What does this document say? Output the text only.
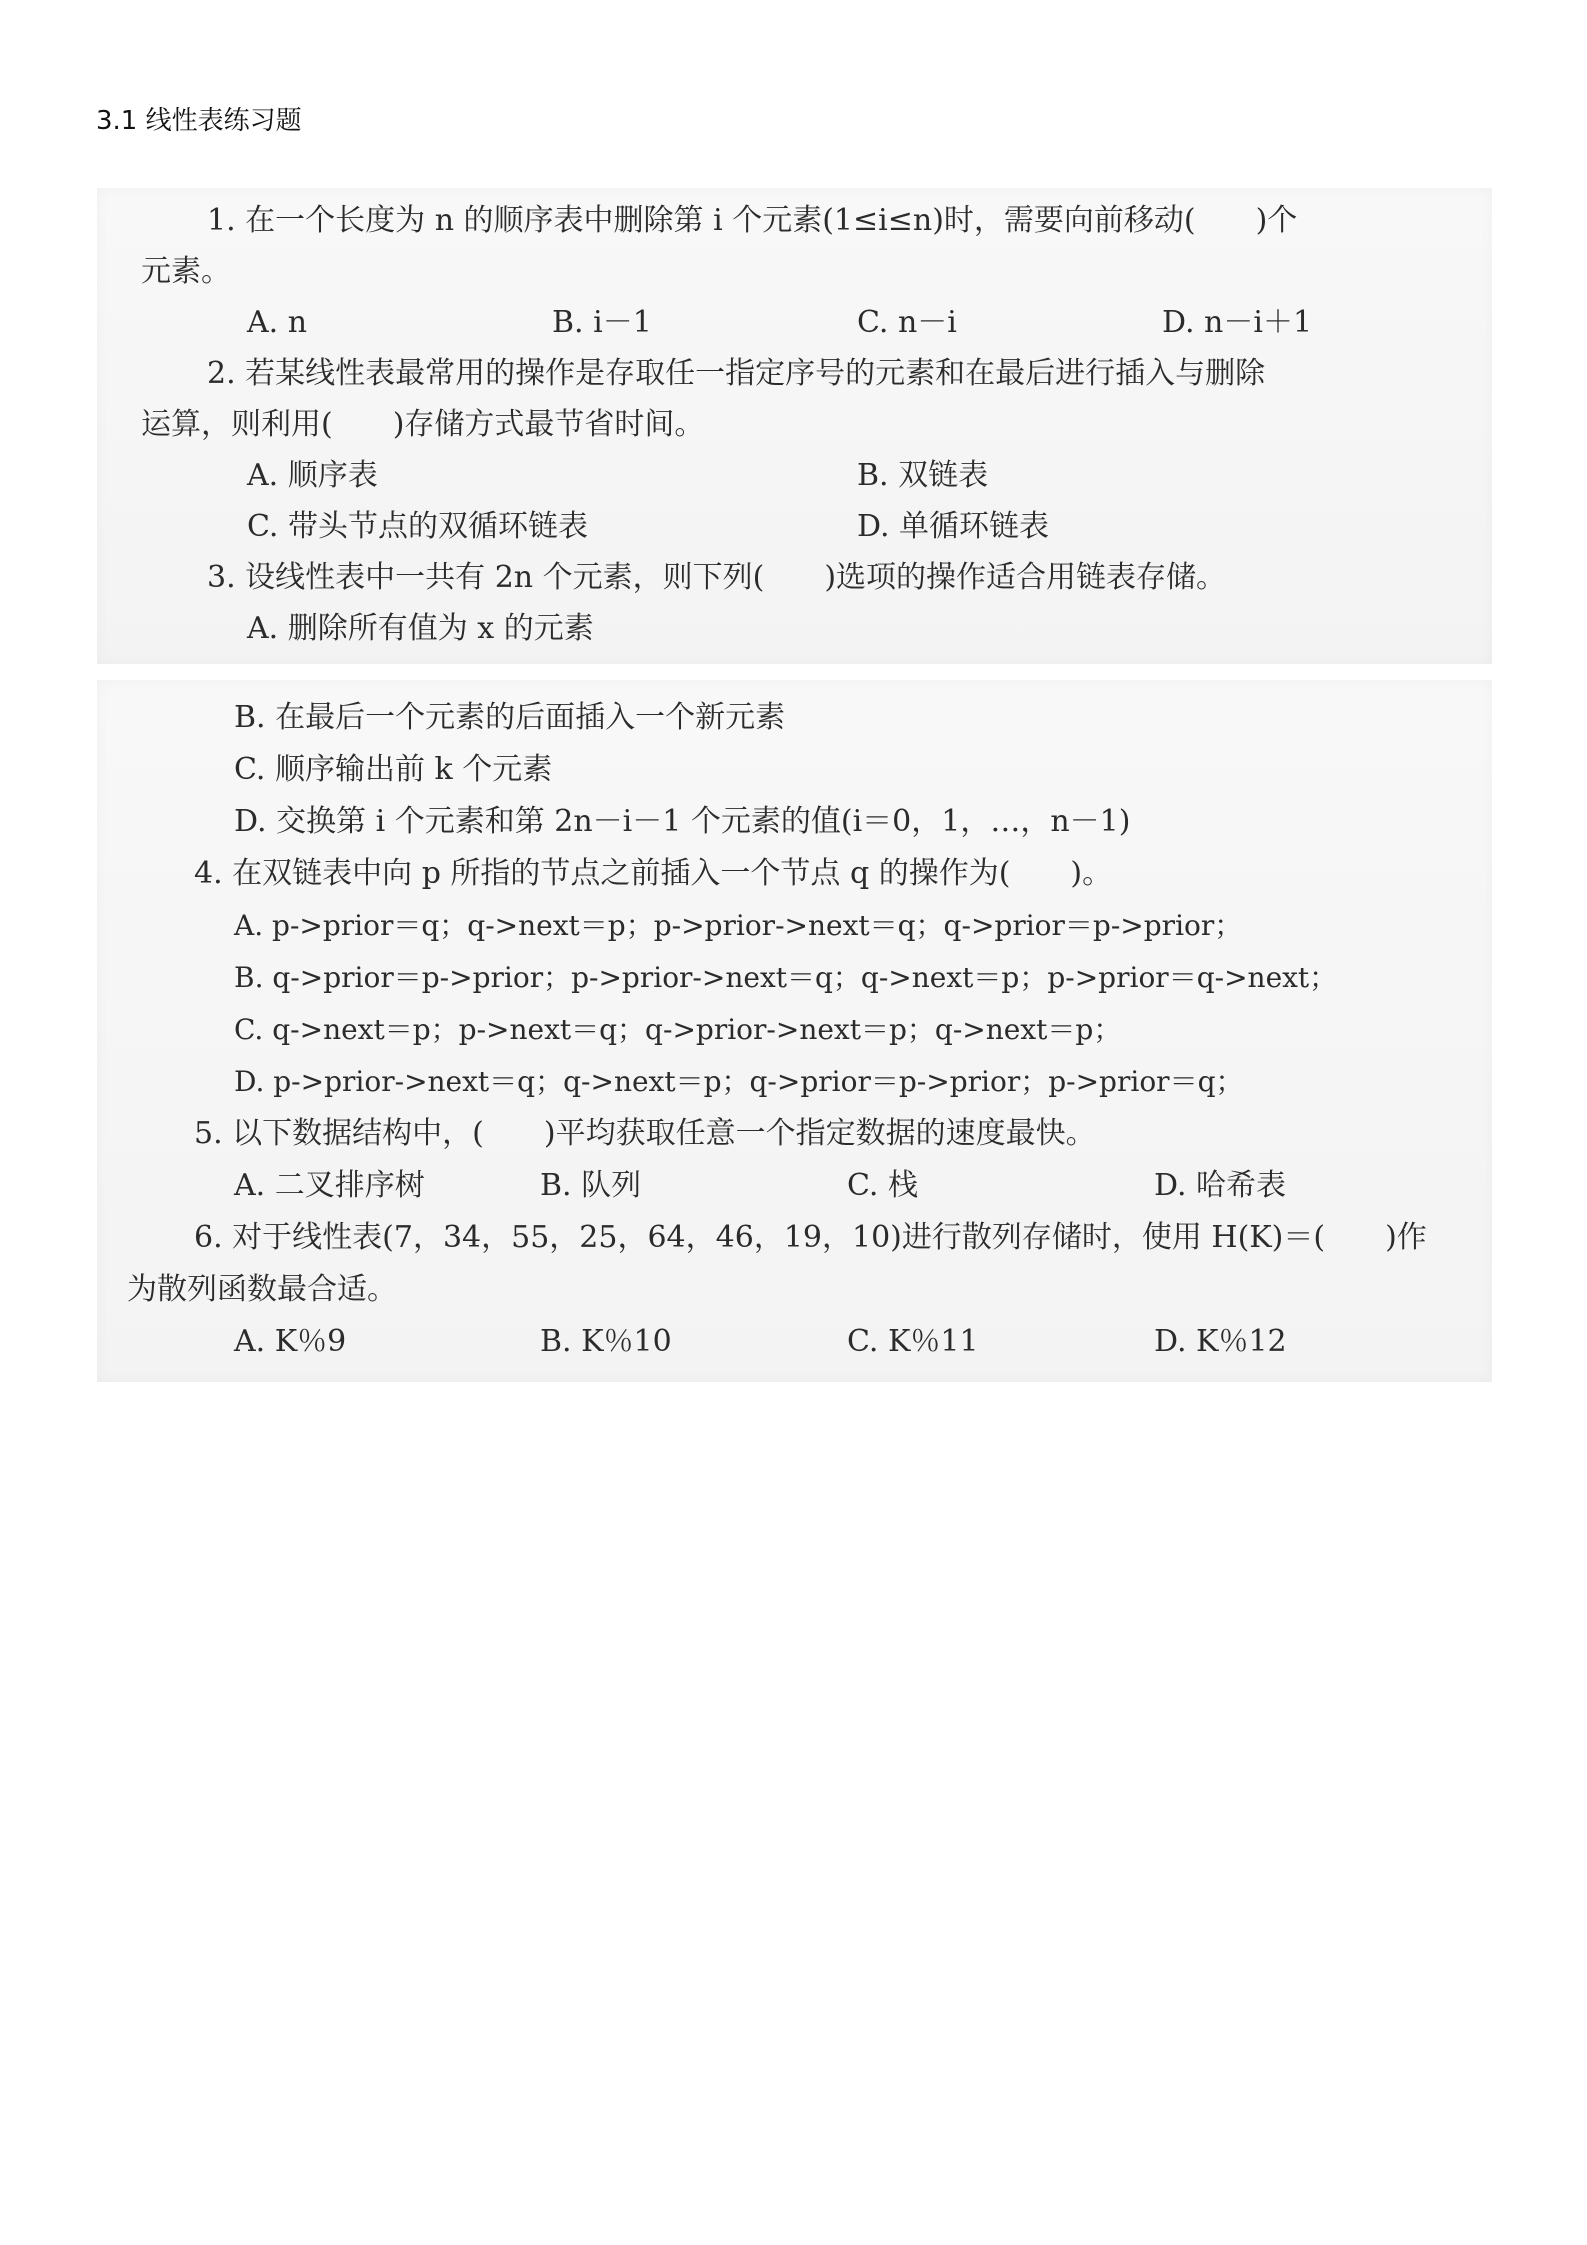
3.1 线性表练习题
1. 在一个长度为 n 的顺序表中删除第 i 个元素(1≤i≤n)时，需要向前移动(　　)个
元素。
A. n	B. i－1	C. n－i	D. n－i＋1
2. 若某线性表最常用的操作是存取任一指定序号的元素和在最后进行插入与删除
运算，则利用(　　)存储方式最节省时间。
A. 顺序表	B. 双链表
C. 带头节点的双循环链表	D. 单循环链表
3. 设线性表中一共有 2n 个元素，则下列(　　)选项的操作适合用链表存储。
A. 删除所有值为 x 的元素
B. 在最后一个元素的后面插入一个新元素
C. 顺序输出前 k 个元素
D. 交换第 i 个元素和第 2n－i－1 个元素的值(i＝0，1，…，n－1)
4. 在双链表中向 p 所指的节点之前插入一个节点 q 的操作为(　　)。
A. p->prior＝q；q->next＝p；p->prior->next＝q；q->prior＝p->prior；
B. q->prior＝p->prior；p->prior->next＝q；q->next＝p；p->prior＝q->next；
C. q->next＝p；p->next＝q；q->prior->next＝p；q->next＝p；
D. p->prior->next＝q；q->next＝p；q->prior＝p->prior；p->prior＝q；
5. 以下数据结构中，(　　)平均获取任意一个指定数据的速度最快。
A. 二叉排序树	B. 队列	C. 栈	D. 哈希表
6. 对于线性表(7，34，55，25，64，46，19，10)进行散列存储时，使用 H(K)＝(　　)作
为散列函数最合适。
A. K％9	B. K％10	C. K％11	D. K％12
